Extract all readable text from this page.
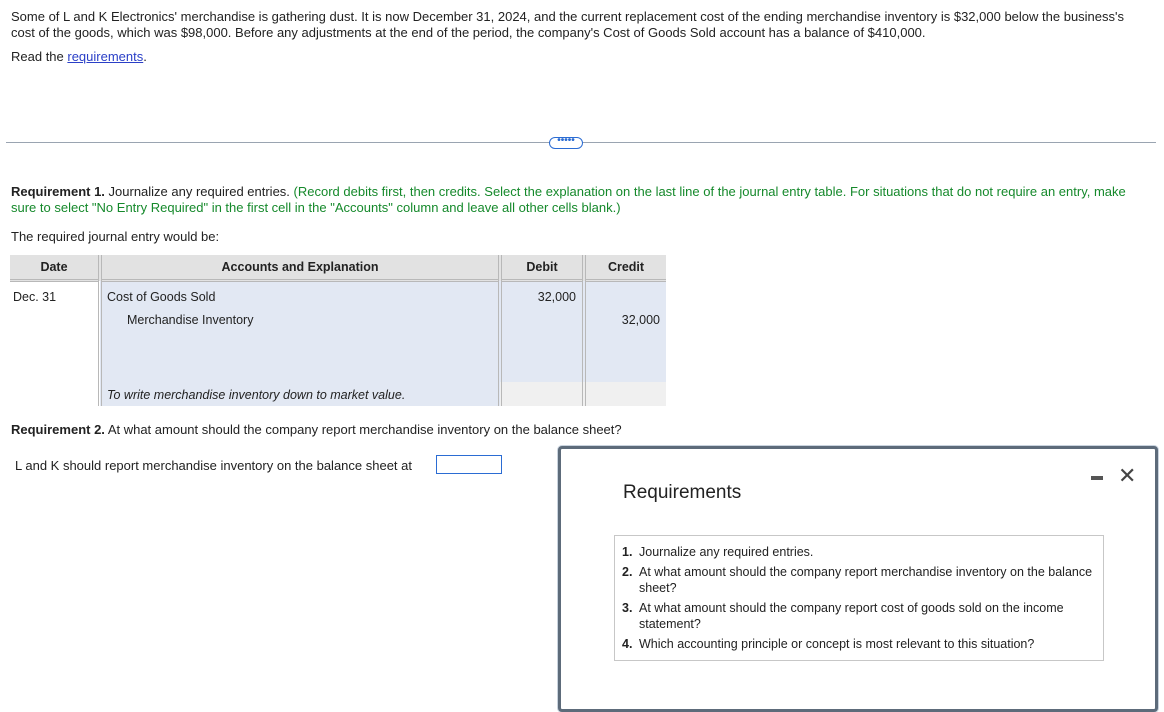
Some of L and K Electronics' merchandise is gathering dust. It is now December 31, 2024, and the current replacement cost of the ending merchandise inventory is $32,000 below the business's cost of the goods, which was $98,000. Before any adjustments at the end of the period, the company's Cost of Goods Sold account has a balance of $410,000.
Read the requirements.
•••••
Requirement 1. Journalize any required entries. (Record debits first, then credits. Select the explanation on the last line of the journal entry table. For situations that do not require an entry, make sure to select "No Entry Required" in the first cell in the "Accounts" column and leave all other cells blank.)
The required journal entry would be:
Date	Accounts and Explanation	Debit	Credit

Dec. 31	Cost of Goods Sold	32,000	

	Merchandise Inventory		32,000

	To write merchandise inventory down to market value.		

Requirement 2. At what amount should the company report merchandise inventory on the balance sheet?
L and K should report merchandise inventory on the balance sheet at
Requirements
✕

1. Journalize any required entries.

2. At what amount should the company report merchandise inventory on the balance sheet?

3. At what amount should the company report cost of goods sold on the income statement?

4. Which accounting principle or concept is most relevant to this situation?
